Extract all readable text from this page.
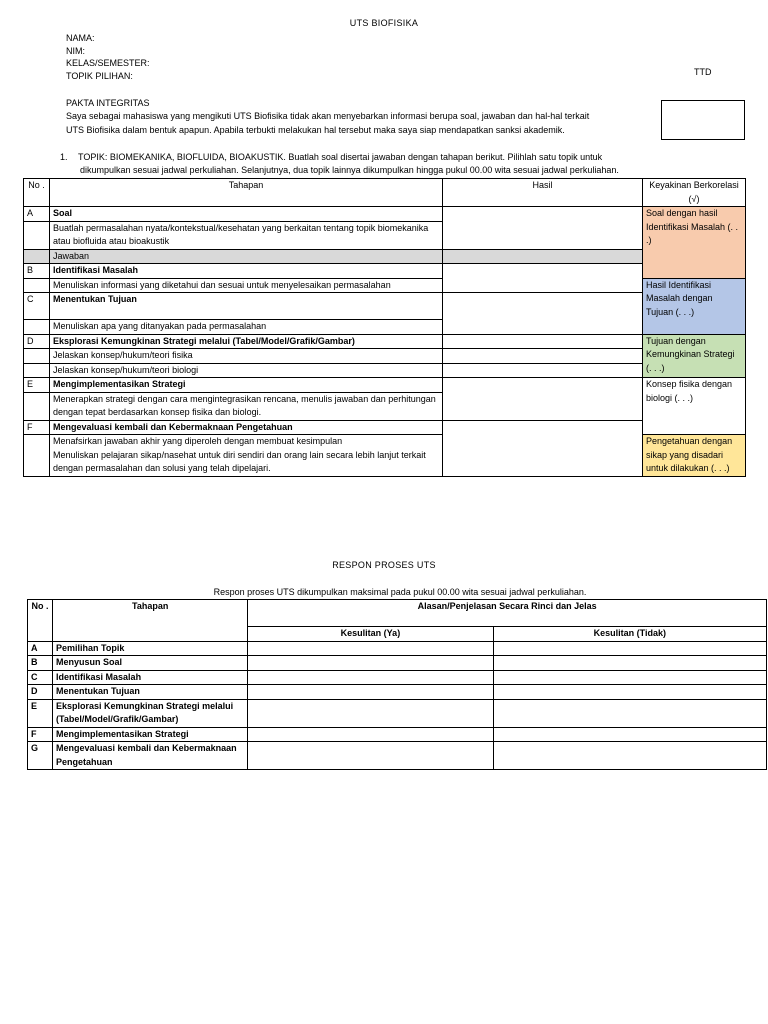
UTS BIOFISIKA
NAMA:
NIM:
KELAS/SEMESTER:
TOPIK PILIHAN:	TTD
PAKTA INTEGRITAS
Saya sebagai mahasiswa yang mengikuti UTS Biofisika tidak akan menyebarkan informasi berupa soal, jawaban dan hal-hal terkait
UTS Biofisika dalam bentuk apapun. Apabila terbukti melakukan hal tersebut maka saya siap mendapatkan sanksi akademik.
1. TOPIK: BIOMEKANIKA, BIOFLUIDA, BIOAKUSTIK. Buatlah soal disertai jawaban dengan tahapan berikut. Pilihlah satu topik untuk
dikumpulkan sesuai jadwal perkuliahan. Selanjutnya, dua topik lainnya dikumpulkan hingga pukul 00.00 wita sesuai jadwal perkuliahan.
No .	Tahapan	Hasil	Keyakinan Berkorelasi (√)
A	Soal		Soal dengan hasil Identifikasi Masalah (. . .)
	Buatlah permasalahan nyata/kontekstual/kesehatan yang berkaitan tentang topik biomekanika atau biofluida atau bioakustik		
	Jawaban		
B	Identifikasi Masalah		
	Menuliskan informasi yang diketahui dan sesuai untuk menyelesaikan permasalahan		Hasil Identifikasi Masalah dengan Tujuan (. . .)
C	Menentukan Tujuan		
	Menuliskan apa yang ditanyakan pada permasalahan		
D	Eksplorasi Kemungkinan Strategi melalui (Tabel/Model/Grafik/Gambar)		Tujuan dengan Kemungkinan Strategi (. . .)
	Jelaskan konsep/hukum/teori fisika		
	Jelaskan konsep/hukum/teori biologi		
E	Mengimplementasikan Strategi		Konsep fisika dengan biologi (. . .)
	Menerapkan strategi dengan cara mengintegrasikan rencana, menulis jawaban dan perhitungan dengan tepat berdasarkan konsep fisika dan biologi.		
F	Mengevaluasi kembali dan Kebermaknaan Pengetahuan		

	Menafsirkan jawaban akhir yang diperoleh dengan membuat kesimpulan
Menuliskan pelajaran sikap/nasehat untuk diri sendiri dan orang lain secara lebih lanjut terkait dengan permasalahan dan solusi yang telah dipelajari.		Pengetahuan dengan sikap yang disadari untuk dilakukan (. . .)
RESPON PROSES UTS
Respon proses UTS dikumpulkan maksimal pada pukul 00.00 wita sesuai jadwal perkuliahan.
No .	Tahapan	Alasan/Penjelasan Secara Rinci dan Jelas	
		Kesulitan (Ya)	Kesulitan (Tidak)
A	Pemilihan Topik		
B	Menyusun Soal		
C	Identifikasi Masalah		
D	Menentukan Tujuan		
E	Eksplorasi Kemungkinan Strategi melalui (Tabel/Model/Grafik/Gambar)		
F	Mengimplementasikan Strategi		
G	Mengevaluasi kembali dan Kebermaknaan Pengetahuan		
